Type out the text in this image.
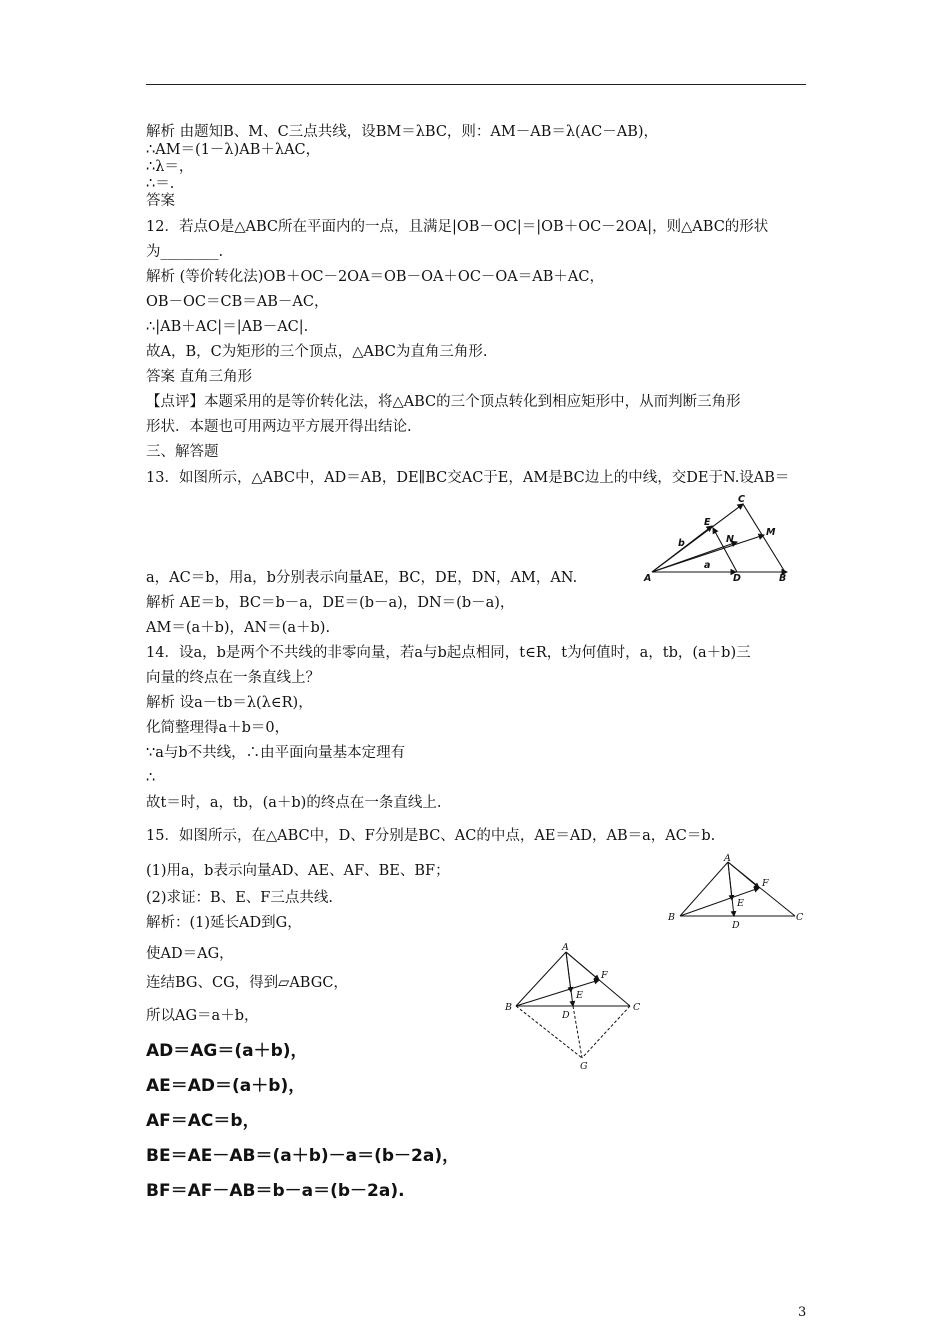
解析 由题知B、M、C三点共线，设BM＝λBC，则：AM－AB＝λ(AC－AB)，
∴AM＝(1－λ)AB＋λAC，
∴λ＝，
∴＝.
答案
12．若点O是△ABC所在平面内的一点，且满足|OB－OC|＝|OB＋OC－2OA|，则△ABC的形状
为________.
解析 (等价转化法)OB＋OC－2OA＝OB－OA＋OC－OA＝AB＋AC，
OB－OC＝CB＝AB－AC，
∴|AB＋AC|＝|AB－AC|.
故A，B，C为矩形的三个顶点，△ABC为直角三角形.
答案 直角三角形
【点评】本题采用的是等价转化法，将△ABC的三个顶点转化到相应矩形中，从而判断三角形
形状．本题也可用两边平方展开得出结论.
三、解答题
13．如图所示，△ABC中，AD＝AB，DE∥BC交AC于E，AM是BC边上的中线，交DE于N.设AB＝
C
E
M
N
b
a
A	D	B
a，AC＝b，用a，b分别表示向量AE，BC，DE，DN，AM，AN.
解析 AE＝b，BC＝b－a，DE＝(b－a)，DN＝(b－a)，
AM＝(a＋b)，AN＝(a＋b).
14．设a，b是两个不共线的非零向量，若a与b起点相同，t∈R，t为何值时，a，tb，(a＋b)三
向量的终点在一条直线上？
解析 设a－tb＝λ(λ∈R)，
化简整理得a＋b＝0，
∵a与b不共线，∴由平面向量基本定理有
∴
故t＝时，a，tb，(a＋b)的终点在一条直线上.
15．如图所示，在△ABC中，D、F分别是BC、AC的中点，AE＝AD，AB＝a，AC＝b.
(1)用a，b表示向量AD、AE、AF、BE、BF；
(2)求证：B、E、F三点共线.
解析：(1)延长AD到G，
使AD＝AG，
连结BG、CG，得到▱ABGC，
所以AG＝a＋b，
AD＝AG＝(a＋b)，
AE＝AD＝(a＋b)，
AF＝AC＝b，
BE＝AE－AB＝(a＋b)－a＝(b－2a)，
BF＝AF－AB＝b－a＝(b－2a).
A
F
E
B
D
C
A
F
E
B
D
C
G
3
